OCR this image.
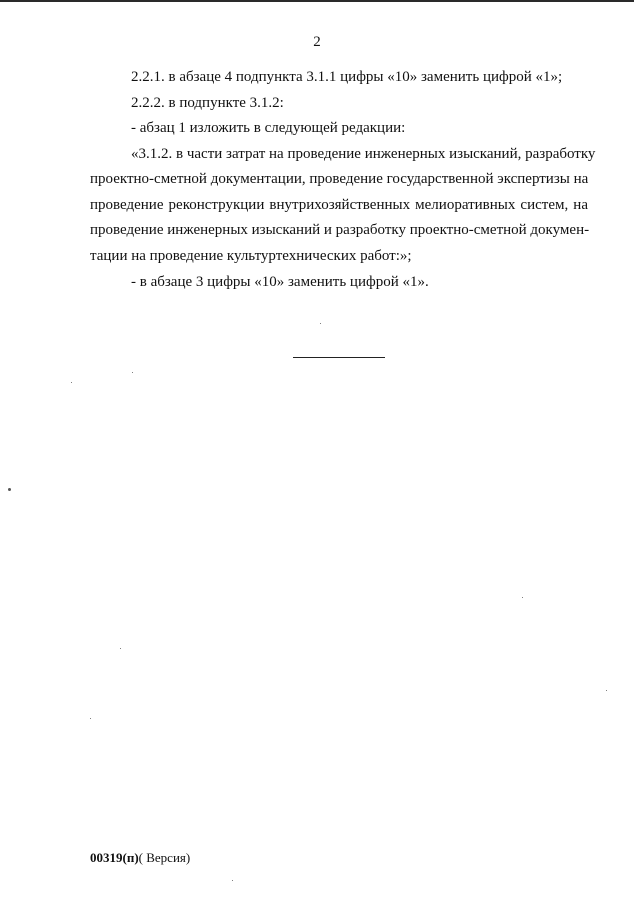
2
2.2.1. в абзаце 4 подпункта 3.1.1 цифры «10» заменить цифрой «1»;
2.2.2. в подпункте 3.1.2:
- абзац 1 изложить в следующей редакции:
«3.1.2. в части затрат на проведение инженерных изысканий, разработку
проектно-сметной документации, проведение государственной экспертизы на
проведение реконструкции внутрихозяйственных мелиоративных систем, на
проведение инженерных изысканий и разработку проектно-сметной докумен-
тации на проведение культуртехнических работ:»;
- в абзаце 3 цифры «10» заменить цифрой «1».
00319(п)( Версия)
